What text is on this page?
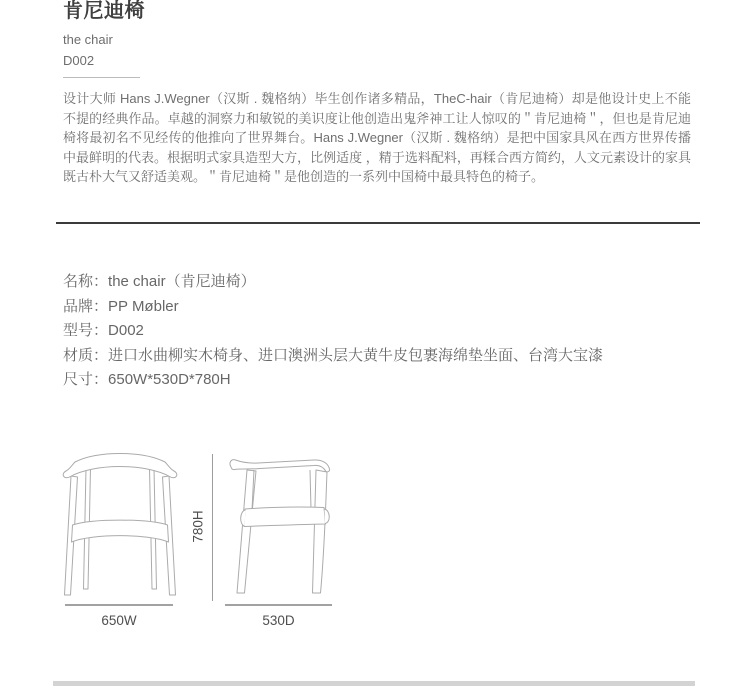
肯尼迪椅
the chair
D002

设计大师 Hans J.Wegner（汉斯 . 魏格纳）毕生创作诸多精品，TheC-hair（肯尼迪椅）却是他设计史上不能不提的经典作品。卓越的洞察力和敏锐的美识度让他创造出鬼斧神工让人惊叹的＂肯尼迪椅＂，但也是肯尼迪椅将最初名不见经传的他推向了世界舞台。Hans J.Wegner（汉斯 . 魏格纳）是把中国家具风在西方世界传播中最鲜明的代表。根据明式家具造型大方，比例适度 ，精于选料配料，再糅合西方简约，人文元素设计的家具既古朴大气又舒适美观。＂肯尼迪椅＂是他创造的一系列中国椅中最具特色的椅子。

名称：the chair（肯尼迪椅）
品牌：PP Møbler
型号：D002
材质：进口水曲柳实木椅身、进口澳洲头层大黄牛皮包裹海绵垫坐面、台湾大宝漆
尺寸：650W*530D*780H
650W	530D
780H
